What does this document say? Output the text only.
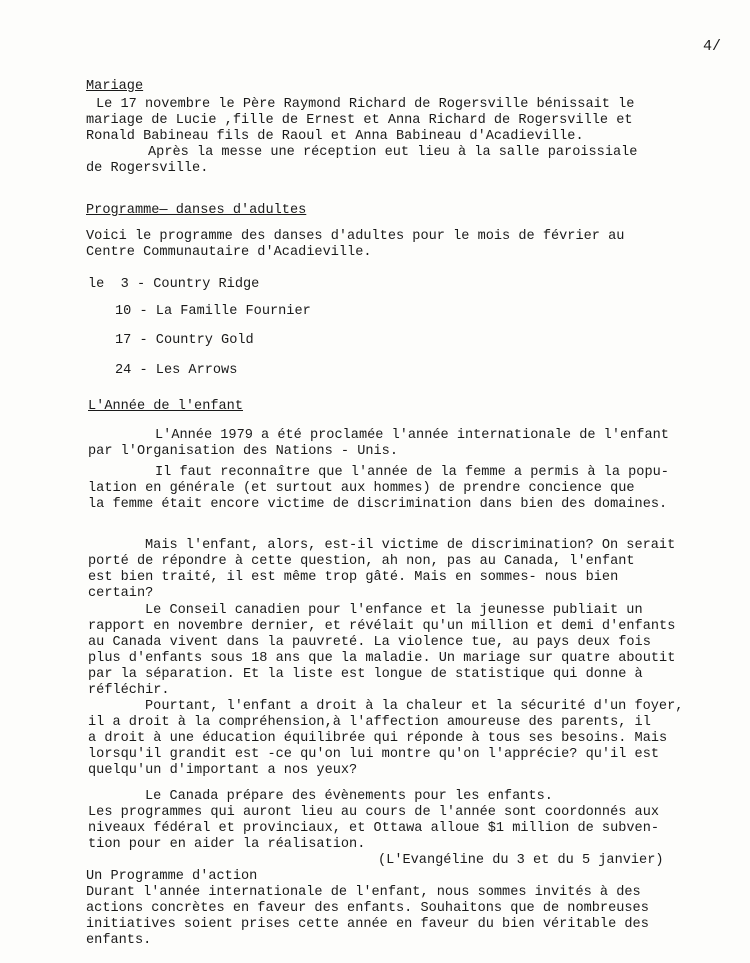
4/
Mariage
Le 17 novembre le Père Raymond Richard de Rogersville bénissait le
mariage de Lucie ,fille de Ernest et Anna Richard de Rogersville et
Ronald Babineau fils de Raoul et Anna Babineau d'Acadieville.
Après la messe une réception eut lieu à la salle paroissiale
de Rogersville.
Programme— danses d'adultes
Voici le programme des danses d'adultes pour le mois de février au
Centre Communautaire d'Acadieville.
le  3 - Country Ridge
10 - La Famille Fournier
17 - Country Gold
24 - Les Arrows
L'Année de l'enfant
L'Année 1979 a été proclamée l'année internationale de l'enfant
par l'Organisation des Nations - Unis.
Il faut reconnaître que l'année de la femme a permis à la popu-
lation en générale (et surtout aux hommes) de prendre concience que
la femme était encore victime de discrimination dans bien des domaines.
Mais l'enfant, alors, est-il victime de discrimination? On serait
porté de répondre à cette question, ah non, pas au Canada, l'enfant
est bien traité, il est même trop gâté. Mais en sommes- nous bien
certain?
Le Conseil canadien pour l'enfance et la jeunesse publiait un
rapport en novembre dernier, et révélait qu'un million et demi d'enfants
au Canada vivent dans la pauvreté. La violence tue, au pays deux fois
plus d'enfants sous 18 ans que la maladie. Un mariage sur quatre aboutit
par la séparation. Et la liste est longue de statistique qui donne à
réfléchir.
Pourtant, l'enfant a droit à la chaleur et la sécurité d'un foyer,
il a droit à la compréhension,à l'affection amoureuse des parents, il
a droit à une éducation équilibrée qui réponde à tous ses besoins. Mais
lorsqu'il grandit est -ce qu'on lui montre qu'on l'apprécie? qu'il est
quelqu'un d'important a nos yeux?
Le Canada prépare des évènements pour les enfants.
Les programmes qui auront lieu au cours de l'année sont coordonnés aux
niveaux fédéral et provinciaux, et Ottawa alloue $1 million de subven-
tion pour en aider la réalisation.
(L'Evangéline du 3 et du 5 janvier)
Un Programme d'action
Durant l'année internationale de l'enfant, nous sommes invités à des
actions concrètes en faveur des enfants. Souhaitons que de nombreuses
initiatives soient prises cette année en faveur du bien véritable des
enfants.
